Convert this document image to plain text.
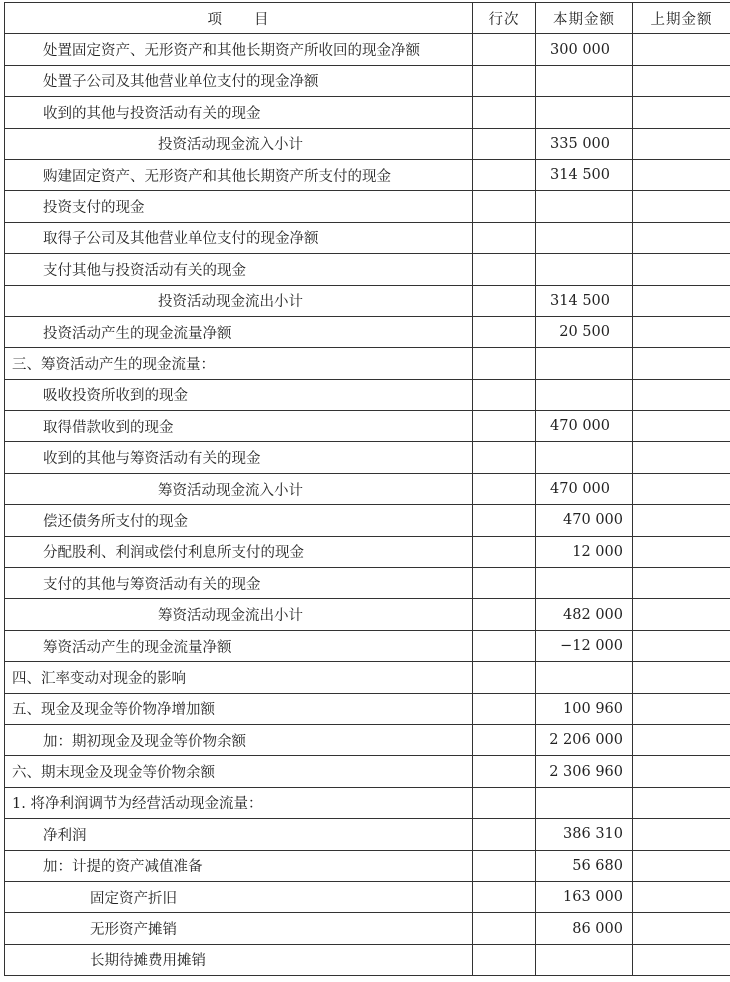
项　　目	行次	本期金额	上期金额
处置固定资产、无形资产和其他长期资产所收回的现金净额		300 000	
处置子公司及其他营业单位支付的现金净额			
收到的其他与投资活动有关的现金			
投资活动现金流入小计		335 000	
购建固定资产、无形资产和其他长期资产所支付的现金		314 500	
投资支付的现金			
取得子公司及其他营业单位支付的现金净额			
支付其他与投资活动有关的现金			
投资活动现金流出小计		314 500	
投资活动产生的现金流量净额		20 500	
三、筹资活动产生的现金流量：			
吸收投资所收到的现金			
取得借款收到的现金		470 000	
收到的其他与筹资活动有关的现金			
筹资活动现金流入小计		470 000	
偿还债务所支付的现金		470 000	
分配股利、利润或偿付利息所支付的现金		12 000	
支付的其他与筹资活动有关的现金			
筹资活动现金流出小计		482 000	
筹资活动产生的现金流量净额		−12 000	
四、汇率变动对现金的影响			
五、现金及现金等价物净增加额		100 960	
加：期初现金及现金等价物余额		2 206 000	
六、期末现金及现金等价物余额		2 306 960	
1. 将净利润调节为经营活动现金流量：			
净利润		386 310	
加：计提的资产减值准备		56 680	
固定资产折旧		163 000	
无形资产摊销		86 000	
长期待摊费用摊销			
